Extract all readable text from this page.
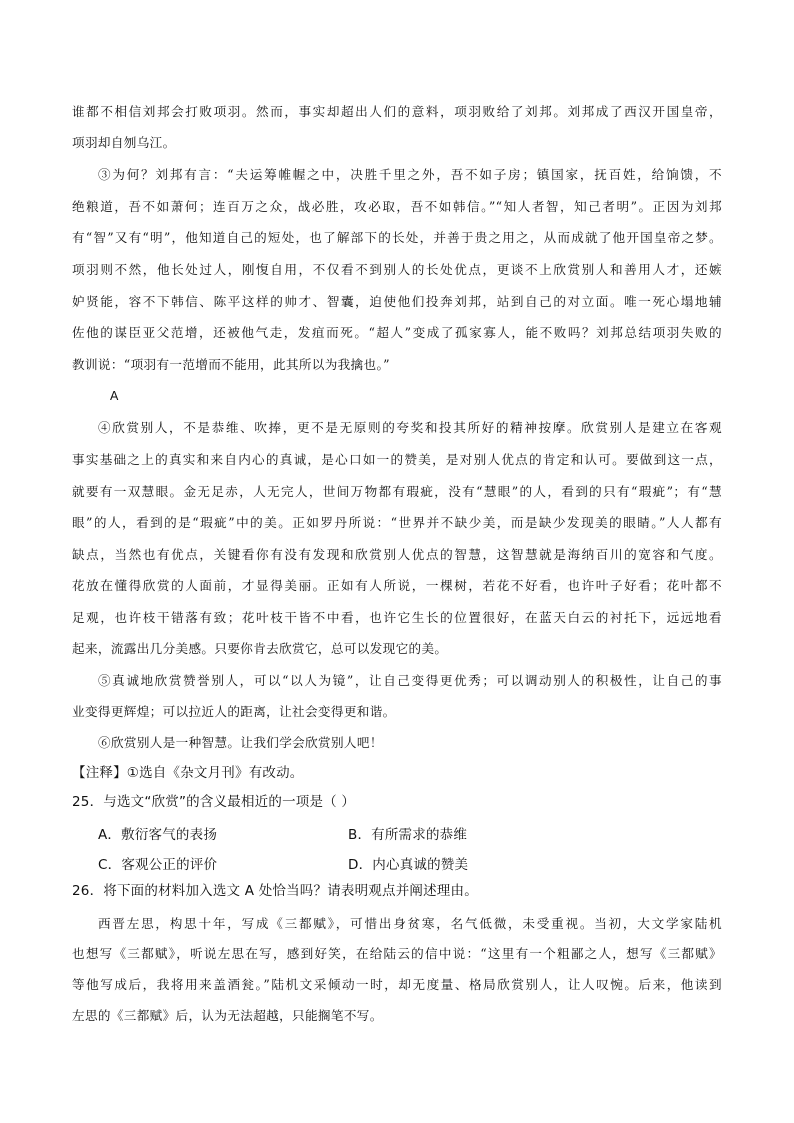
谁都不相信刘邦会打败项羽。然而，事实却超出人们的意料，项羽败给了刘邦。刘邦成了西汉开国皇帝，
项羽却自刎乌江。
③为何？刘邦有言：“夫运筹帷幄之中，决胜千里之外，吾不如子房；镇国家，抚百姓，给饷馈，不
绝粮道，吾不如萧何；连百万之众，战必胜，攻必取，吾不如韩信。”“知人者智，知己者明”。正因为刘邦
有“智”又有“明”，他知道自己的短处，也了解部下的长处，并善于贵之用之，从而成就了他开国皇帝之梦。
项羽则不然，他长处过人，刚愎自用，不仅看不到别人的长处优点，更谈不上欣赏别人和善用人才，还嫉
妒贤能，容不下韩信、陈平这样的帅才、智囊，迫使他们投奔刘邦，站到自己的对立面。唯一死心塌地辅
佐他的谋臣亚父范增，还被他气走，发疽而死。“超人”变成了孤家寡人，能不败吗？刘邦总结项羽失败的
教训说：“项羽有一范增而不能用，此其所以为我擒也。”
A
④欣赏别人，不是恭维、吹捧，更不是无原则的夸奖和投其所好的精神按摩。欣赏别人是建立在客观
事实基础之上的真实和来自内心的真诚，是心口如一的赞美，是对别人优点的肯定和认可。要做到这一点，
就要有一双慧眼。金无足赤，人无完人，世间万物都有瑕疵，没有“慧眼”的人，看到的只有“瑕疵”；有“慧
眼”的人，看到的是“瑕疵”中的美。正如罗丹所说：“世界并不缺少美，而是缺少发现美的眼睛。”人人都有
缺点，当然也有优点，关键看你有没有发现和欣赏别人优点的智慧，这智慧就是海纳百川的宽容和气度。
花放在懂得欣赏的人面前，才显得美丽。正如有人所说，一棵树，若花不好看，也许叶子好看；花叶都不
足观，也许枝干错落有致；花叶枝干皆不中看，也许它生长的位置很好，在蓝天白云的衬托下，远远地看
起来，流露出几分美感。只要你肯去欣赏它，总可以发现它的美。
⑤真诚地欣赏赞誉别人，可以“以人为镜”，让自己变得更优秀；可以调动别人的积极性，让自己的事
业变得更辉煌；可以拉近人的距离，让社会变得更和谐。
⑥欣赏别人是一种智慧。让我们学会欣赏别人吧！
【注释】①选自《杂文月刊》有改动。
25．与选文“欣赏”的含义最相近的一项是（ ）
A．敷衍客气的表扬	B．有所需求的恭维
C．客观公正的评价	D．内心真诚的赞美
26．将下面的材料加入选文 A 处恰当吗？请表明观点并阐述理由。
西晋左思，构思十年，写成《三都赋》，可惜出身贫寒，名气低微，未受重视。当初，大文学家陆机
也想写《三都赋》，听说左思在写，感到好笑，在给陆云的信中说：“这里有一个粗鄙之人，想写《三都赋》
等他写成后，我将用来盖酒瓮。”陆机文采倾动一时，却无度量、格局欣赏别人，让人叹惋。后来，他读到
左思的《三都赋》后，认为无法超越，只能搁笔不写。
